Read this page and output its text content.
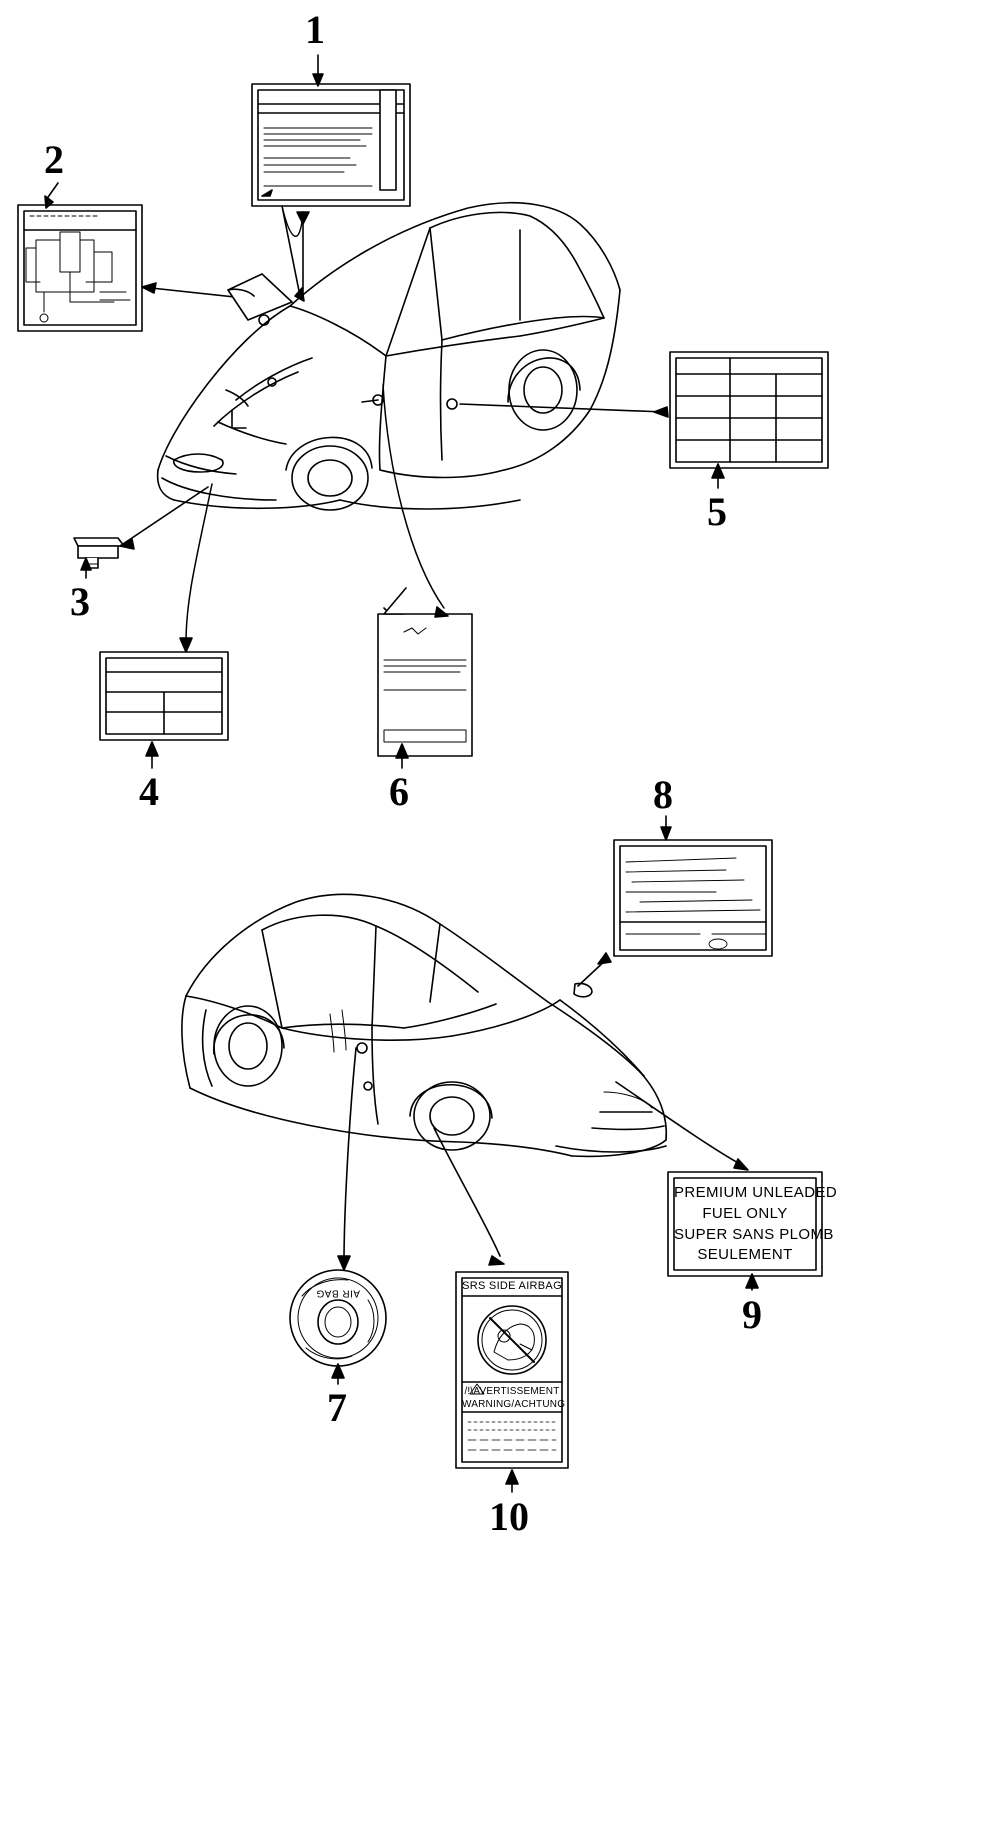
1
2
3
4
5
6
7
8
9
10
PREMIUM UNLEADED
FUEL ONLY
SUPER SANS PLOMB
SEULEMENT
SRS SIDE AIRBAG
/!\AVERTISSEMENT
WARNING/ACHTUNG
AIR BAG
